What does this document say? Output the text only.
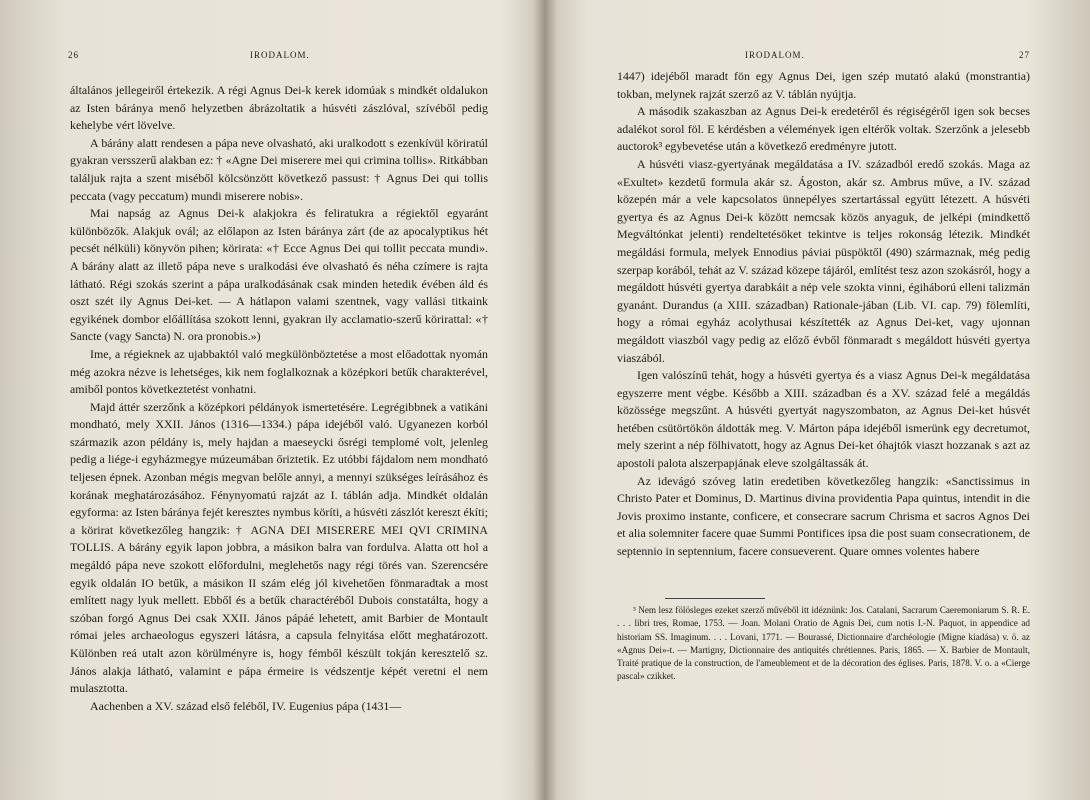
26	IRODALOM.

általános jellegeiről értekezik. A régi Agnus Dei-k kerek idomúak s mindkét oldalukon az Isten báránya menő helyzetben ábrázoltatik a húsvéti zászlóval, szívéből pedig kehelybe vért lövelve.

A bárány alatt rendesen a pápa neve olvasható, aki uralkodott s ezenkívül köriratúl gyakran versszerű alakban ez: † «Agne Dei miserere mei qui crimina tollis». Ritkábban találjuk rajta a szent miséből kölcsönzött következő passust: † Agnus Dei qui tollis peccata (vagy peccatum) mundi miserere nobis».

Mai napság az Agnus Dei-k alakjokra és feliratukra a régiektől egyaránt különbözők. Alakjuk ovál; az előlapon az Isten báránya zárt (de az apocalyptikus hét pecsét nélküli) könyvön pihen; körirata: «† Ecce Agnus Dei qui tollit peccata mundi». A bárány alatt az illető pápa neve s uralkodási éve olvasható és néha czímere is rajta látható. Régi szokás szerint a pápa uralkodásának csak minden hetedik évében áld és oszt szét ily Agnus Dei-ket. — A hátlapon valami szentnek, vagy vallási titkaink egyikének dombor előállítása szokott lenni, gyakran ily acclamatio-szerű körirattal: «† Sancte (vagy Sancta) N. ora pronobis.»)

Ime, a régieknek az ujabbaktól való megkülönböztetése a most előadottak nyomán még azokra nézve is lehetséges, kik nem foglalkoznak a középkori betűk charakterével, amiből pontos következtetést vonhatni.

Majd áttér szerzőnk a középkori példányok ismertetésére. Legrégibbnek a vatikáni mondható, mely XXII. János (1316—1334.) pápa idejéből való. Ugyanezen korból származik azon példány is, mely hajdan a maeseycki ősrégi templomé volt, jelenleg pedig a liége-i egyházmegye múzeumában őriztetik. Ez utóbbi fájdalom nem mondható teljesen épnek. Azonban mégis megvan belőle annyi, a mennyi szükséges leírásához és korának meghatározásához. Fénynyomatú rajzát az I. táblán adja. Mindkét oldalán egyforma: az Isten bárányа fejét keresztes nymbus köríti, a húsvéti zászlót kereszt ékíti; a körirat következőleg hangzik: † AGNA DEI MISERERE MEI QVI CRIMINA TOLLIS. A bárány egyik lapon jobbra, a másikon balra van fordulva. Alatta ott hol a megáldó pápa neve szokott előfordulni, meglehetős nagy régi törés van. Szerencsére egyik oldalán IO betűk, a másikon II szám elég jól kivehetően fönmaradtak a most említett nagy lyuk mellett. Ebből és a betűk charactéréből Dubois constatálta, hogy a szóban forgó Agnus Dei csak XXII. János pápáé lehetett, amit Barbier de Montault római jeles archaeologus egyszeri látásra, a capsula felnyitása előtt meghatározott. Különben reá utalt azon körülményre is, hogy fémből készült tokján keresztelő sz. János alakja látható, valamint e pápa érmeire is védszentje képét veretni el nem mulasztotta.

Aachenben a XV. század első feléből, IV. Eugenius pápa (1431—

IRODALOM.	27

1447) idejéből maradt fön egy Agnus Dei, igen szép mutató alakú (monstrantia) tokban, melynek rajzát szerző az V. táblán nyújtja.

A második szakaszban az Agnus Dei-k eredetéről és régiségéről igen sok becses adalékot sorol föl. E kérdésben a vélemények igen eltérők voltak. Szerzőnk a jelesebb auctorok³ egybevetése után a következő eredményre jutott.

A húsvéti viasz-gyertyának megáldatása a IV. századból eredő szokás. Maga az «Exultet» kezdetű formula akár sz. Ágoston, akár sz. Ambrus műve, a IV. század közepén már a vele kapcsolatos ünnepélyes szertartással együtt létezett. A húsvéti gyertya és az Agnus Dei-k között nemcsak közös anyaguk, de jelképi (mindkettő Megváltónkat jelenti) rendeltetésöket tekintve is teljes rokonság létezik. Mindkét megáldási formula, melyek Ennodius páviai püspöktől (490) származnak, még pedig szerpap korából, tehát az V. század közepe tájáról, említést tesz azon szokásról, hogy a megáldott húsvéti gyertya darabkáit a nép vele szokta vinni, égiháború elleni talizmán gyanánt. Durandus (a XIII. században) Rationale-jában (Lib. VI. cap. 79) fölemlíti, hogy a római egyház acolythusai készítették az Agnus Dei-ket, vagy ujonnan megáldott viaszból vagy pedig az előző évből fönmaradt s megáldott húsvéti gyertya viaszából.

Igen valószínű tehát, hogy a húsvéti gyertya és a viasz Agnus Dei-k megáldatása egyszerre ment végbe. Később a XIII. században és a XV. század felé a megáldás közössége megszűnt. A húsvéti gyertyát nagyszombaton, az Agnus Dei-ket húsvét hetében csütörtökön áldották meg. V. Márton pápa idejéből ismerünk egy decretumot, mely szerint a nép fölhivatott, hogy az Agnus Dei-ket óhajtók viaszt hozzanak s azt az apostoli palota alszerpapjának eleve szolgáltassák át.

Az idevágó szóveg latin eredetiben következőleg hangzik: «Sanctissimus in Christo Pater et Dominus, D. Martinus divina providentia Papa quintus, intendit in die Jovis proximo instante, conficere, et consecrare sacrum Chrisma et sacros Agnos Dei et alia solemniter facere quae Summi Pontifices ipsa die post suam consecrationem, de septennio in septennium, facere consueverent. Quare omnes volentes habere

³ Nem lesz fölösleges ezeket szerző művéből itt idéznünk: Jos. Catalani, Sacrarum Caeremoniarum S. R. E. . . . libri tres, Romae, 1753. — Joan. Molani Oratio de Agnis Dei, cum notis I.-N. Paquot, in appendice ad historiam SS. Imaginum. . . . Lovani, 1771. — Bourassé, Dictionnaire d'archéologie (Migne kiadása) v. ö. az «Agnus Dei»-t. — Martigny, Dictionnaire des antiquités chrétiennes. Paris, 1865. — X. Barbier de Montault, Traité pratique de la construction, de l'ameublement et de la décoration des églises. Paris, 1878. V. o. a «Cierge pascal» czikket.
